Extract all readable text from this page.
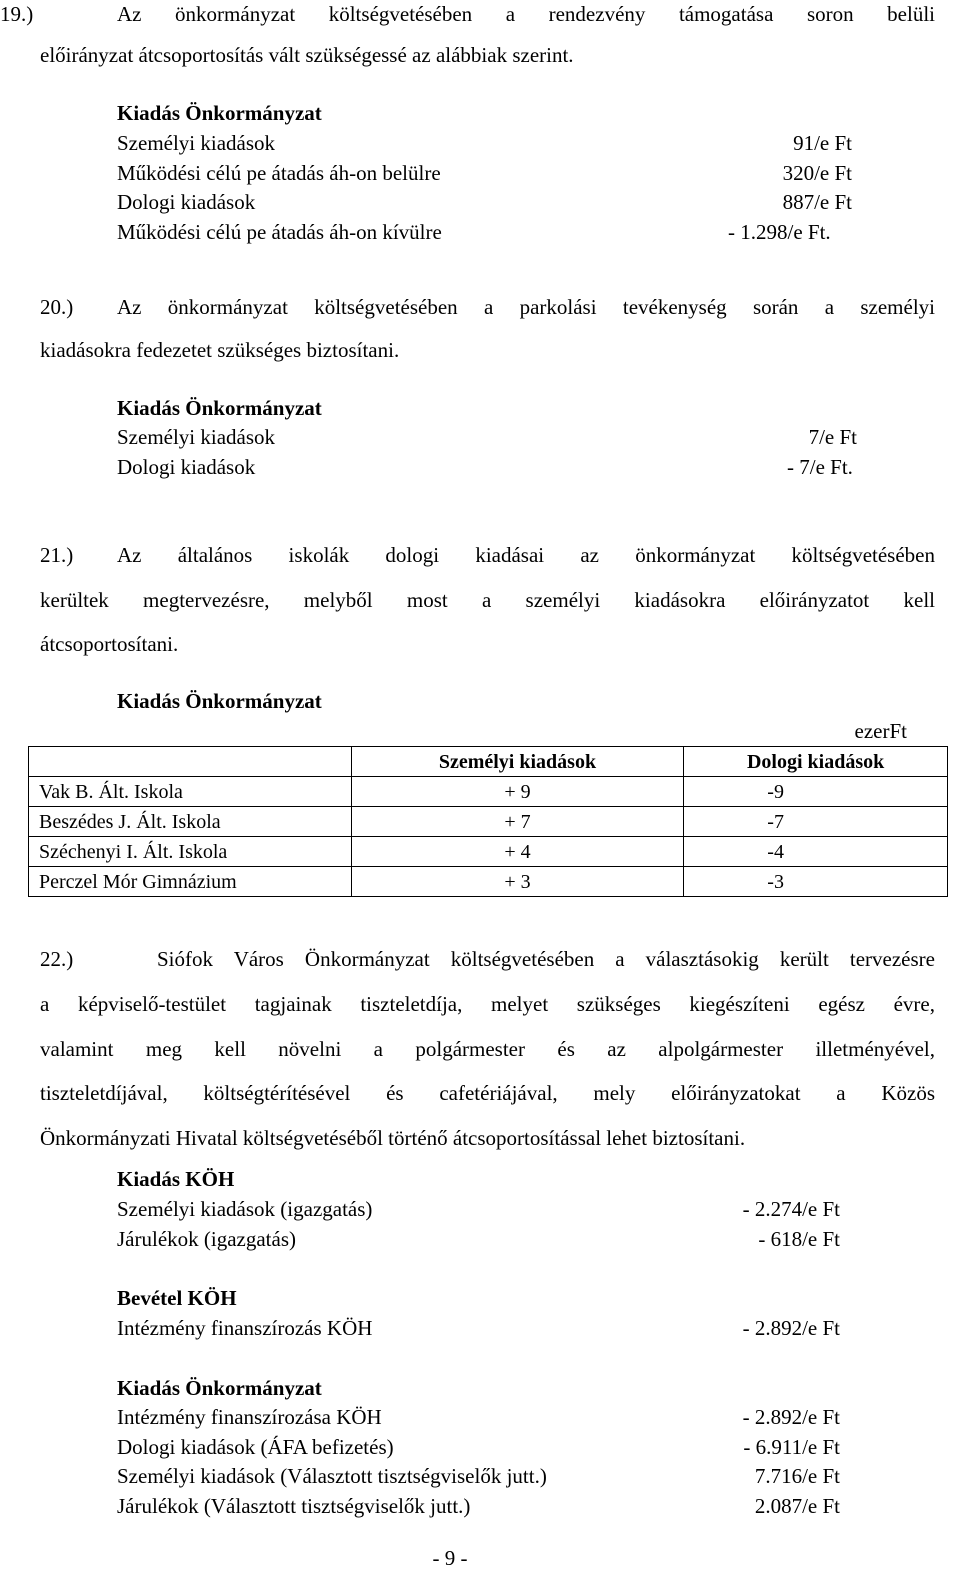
19.)	Az önkormányzat költségvetésében a rendezvény támogatása soron belüli
előirányzat átcsoportosítás vált szükségessé az alábbiak szerint.
Kiadás Önkormányzat
Személyi kiadások	91/e Ft
Működési célú pe átadás áh-on belülre	320/e Ft
Dologi kiadások	887/e Ft
Működési célú pe átadás áh-on kívülre	- 1.298/e Ft.
20.) Az önkormányzat költségvetésében a parkolási tevékenység során a személyi
kiadásokra fedezetet szükséges biztosítani.
Kiadás Önkormányzat
Személyi kiadások	7/e Ft
Dologi kiadások	- 7/e Ft.
21.) Az általános iskolák dologi kiadásai az önkormányzat költségvetésében
kerültek megtervezésre, melyből most a személyi kiadásokra előirányzatot kell
átcsoportosítani.
Kiadás Önkormányzat
ezerFt
	Személyi kiadások	Dologi kiadások
Vak B. Ált. Iskola	+ 9	-9
Beszédes J. Ált. Iskola	+ 7	-7
Széchenyi I. Ált. Iskola	+ 4	-4
Perczel Mór Gimnázium	+ 3	-3
22.)	Siófok Város Önkormányzat költségvetésében a választásokig került tervezésre
a képviselő-testület tagjainak tiszteletdíja, melyet szükséges kiegészíteni egész évre,
valamint meg kell növelni a polgármester és az alpolgármester illetményével,
tiszteletdíjával, költségtérítésével és cafetériájával, mely előirányzatokat a Közös
Önkormányzati Hivatal költségvetéséből történő átcsoportosítással lehet biztosítani.
Kiadás KÖH
Személyi kiadások (igazgatás)	- 2.274/e Ft
Járulékok (igazgatás)	- 618/e Ft
Bevétel KÖH
Intézmény finanszírozás KÖH	- 2.892/e Ft
Kiadás Önkormányzat
Intézmény finanszírozása KÖH	- 2.892/e Ft
Dologi kiadások (ÁFA befizetés)	- 6.911/e Ft
Személyi kiadások (Választott tisztségviselők jutt.)	7.716/e Ft
Járulékok (Választott tisztségviselők jutt.)	2.087/e Ft
- 9 -
